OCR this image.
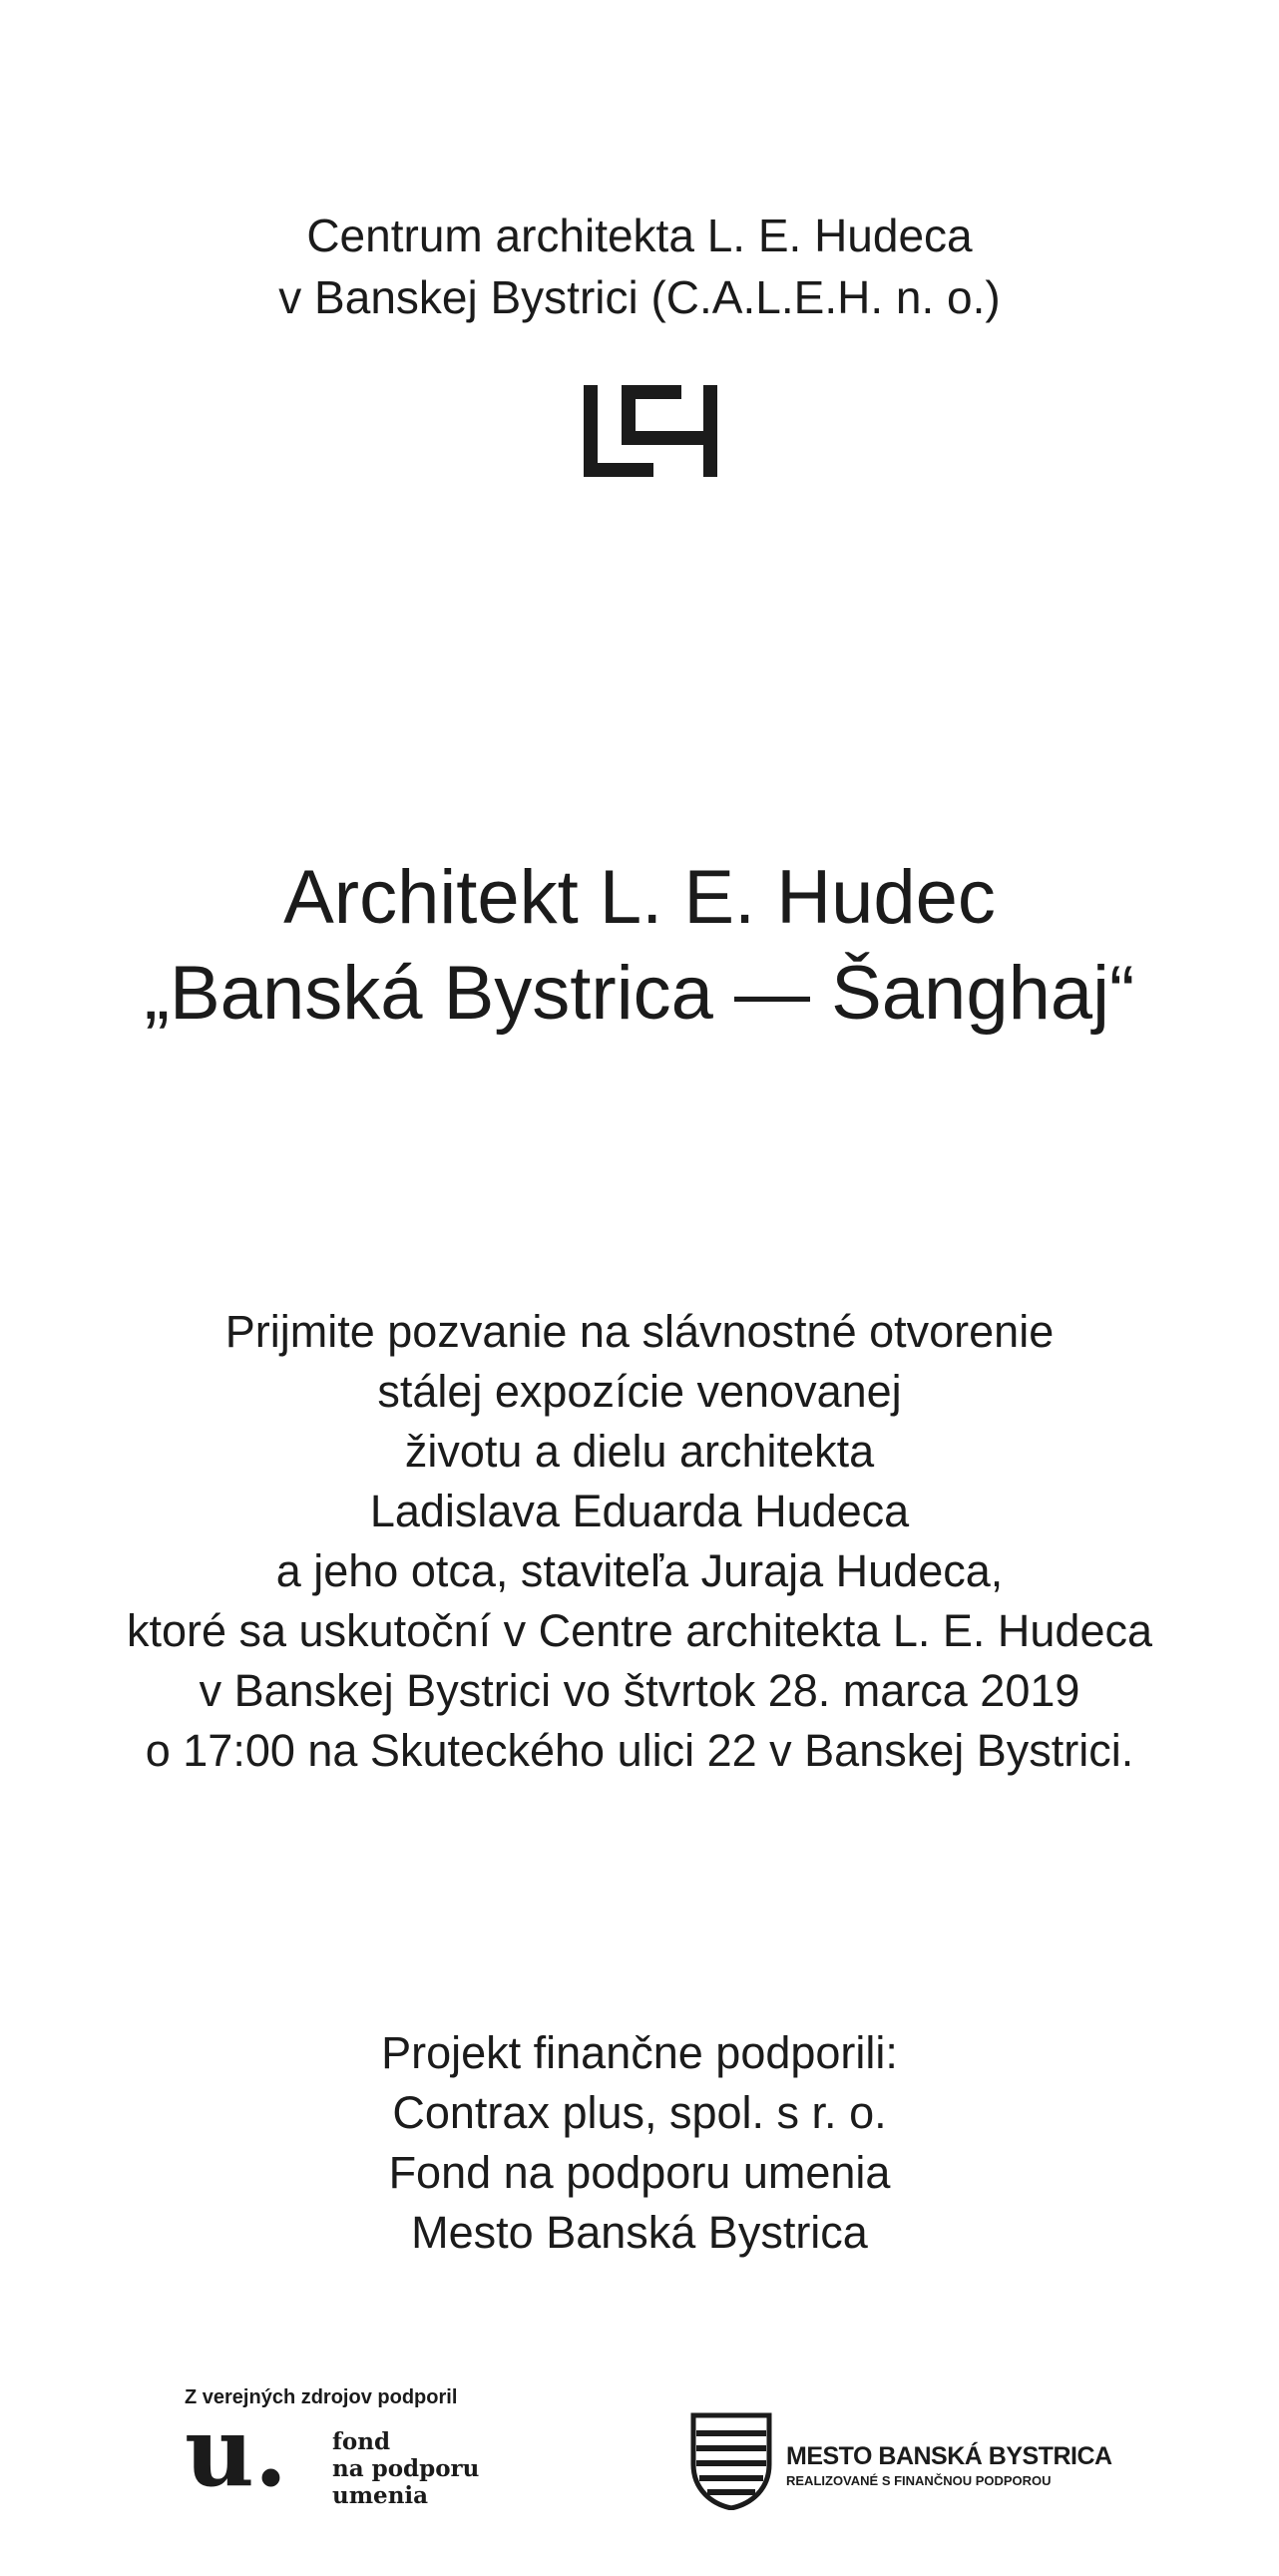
Centrum architekta L. E. Hudeca
v Banskej Bystrici (C.A.L.E.H. n. o.)
Architekt L. E. Hudec
„Banská Bystrica — Šanghaj“
Prijmite pozvanie na slávnostné otvorenie
stálej expozície venovanej
životu a dielu architekta
Ladislava Eduarda Hudeca
a jeho otca, staviteľa Juraja Hudeca,
ktoré sa uskutoční v Centre architekta L. E. Hudeca
v Banskej Bystrici vo štvrtok 28. marca 2019
o 17:00 na Skuteckého ulici 22 v Banskej Bystrici.
Projekt finančne podporili:
Contrax plus, spol. s r. o.
Fond na podporu umenia
Mesto Banská Bystrica
Z verejných zdrojov podporil
u. fond
na podporu
umenia
MESTO BANSKÁ BYSTRICA
REALIZOVANÉ S FINANČNOU PODPOROU
